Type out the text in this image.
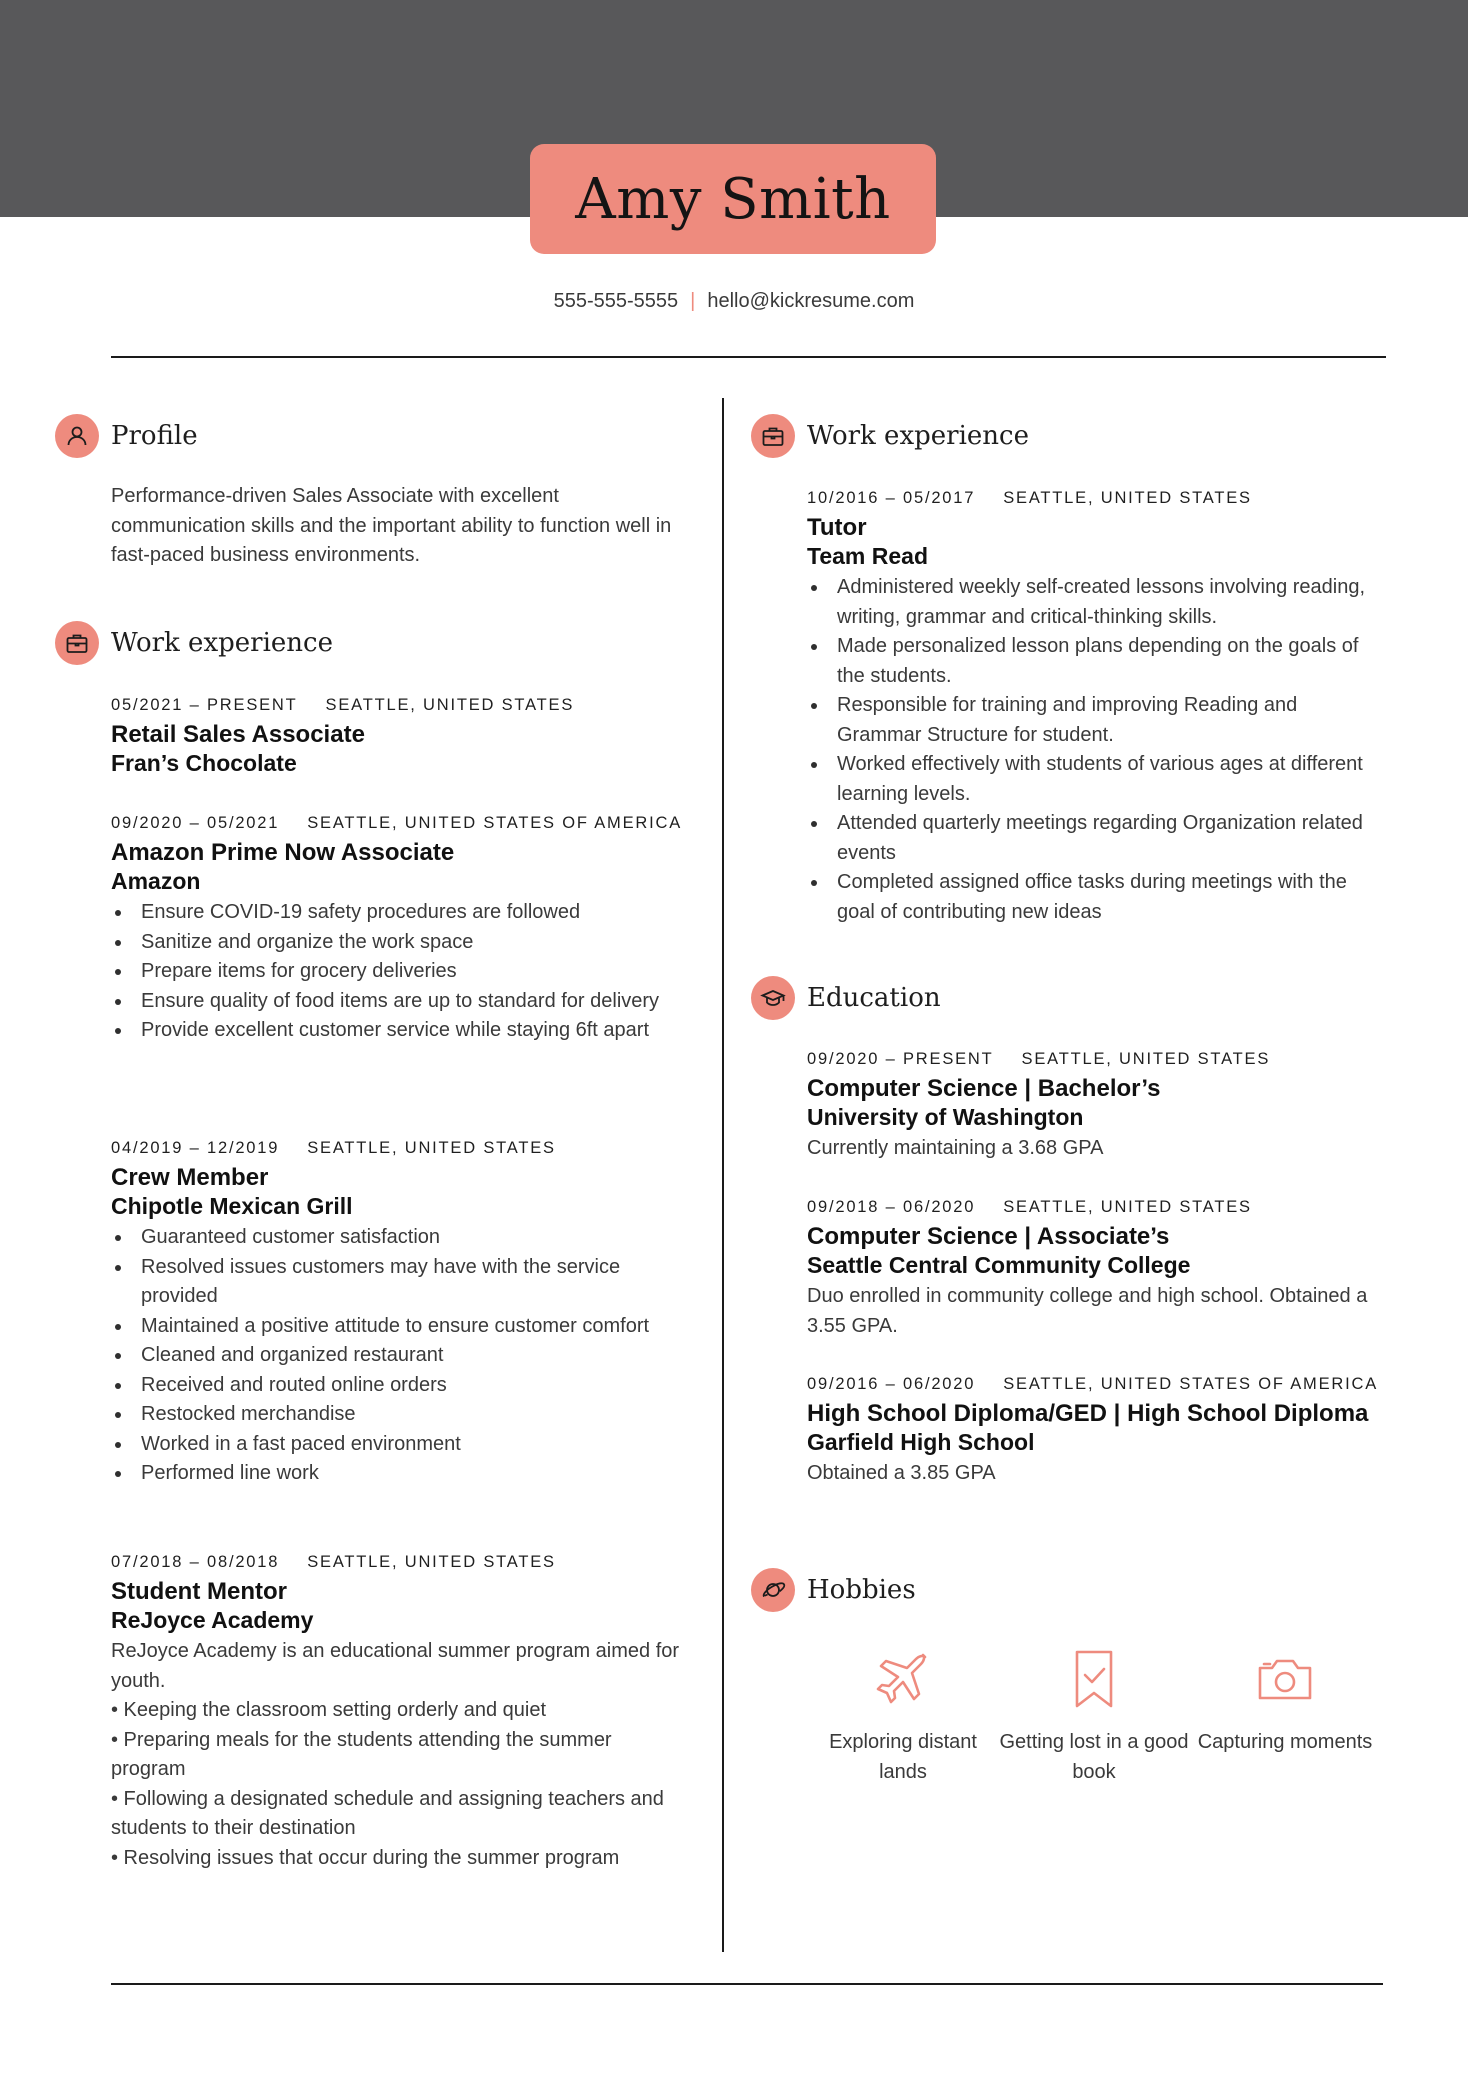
Amy Smith
555-555-5555 | hello@kickresume.com
Profile

Performance-driven Sales Associate with excellent communication skills and the important ability to function well in fast-paced business environments.

Work experience
05/2021 – PRESENT SEATTLE, UNITED STATES
Retail Sales Associate
Fran’s Chocolate
09/2020 – 05/2021 SEATTLE, UNITED STATES OF AMERICA
Amazon Prime Now Associate
Amazon
Ensure COVID-19 safety procedures are followed
Sanitize and organize the work space
Prepare items for grocery deliveries
Ensure quality of food items are up to standard for delivery
Provide excellent customer service while staying 6ft apart
04/2019 – 12/2019 SEATTLE, UNITED STATES
Crew Member
Chipotle Mexican Grill
Guaranteed customer satisfaction
Resolved issues customers may have with the service provided
Maintained a positive attitude to ensure customer comfort
Cleaned and organized restaurant
Received and routed online orders
Restocked merchandise
Worked in a fast paced environment
Performed line work
07/2018 – 08/2018 SEATTLE, UNITED STATES
Student Mentor
ReJoyce Academy
ReJoyce Academy is an educational summer program aimed for youth.
• Keeping the classroom setting orderly and quiet
• Preparing meals for the students attending the summer program
• Following a designated schedule and assigning teachers and students to their destination
• Resolving issues that occur during the summer program
Work experience
10/2016 – 05/2017 SEATTLE, UNITED STATES
Tutor
Team Read
Administered weekly self-created lessons involving reading, writing, grammar and critical-thinking skills.
Made personalized lesson plans depending on the goals of the students.
Responsible for training and improving Reading and Grammar Structure for student.
Worked effectively with students of various ages at different learning levels.
Attended quarterly meetings regarding Organization related events
Completed assigned office tasks during meetings with the goal of contributing new ideas
Education
09/2020 – PRESENT SEATTLE, UNITED STATES
Computer Science | Bachelor’s
University of Washington
Currently maintaining a 3.68 GPA
09/2018 – 06/2020 SEATTLE, UNITED STATES
Computer Science | Associate’s
Seattle Central Community College
Duo enrolled in community college and high school. Obtained a 3.55 GPA.
09/2016 – 06/2020 SEATTLE, UNITED STATES OF AMERICA
High School Diploma/GED | High School Diploma
Garfield High School
Obtained a 3.85 GPA
Hobbies
Exploring distant lands
Getting lost in a good book
Capturing moments
